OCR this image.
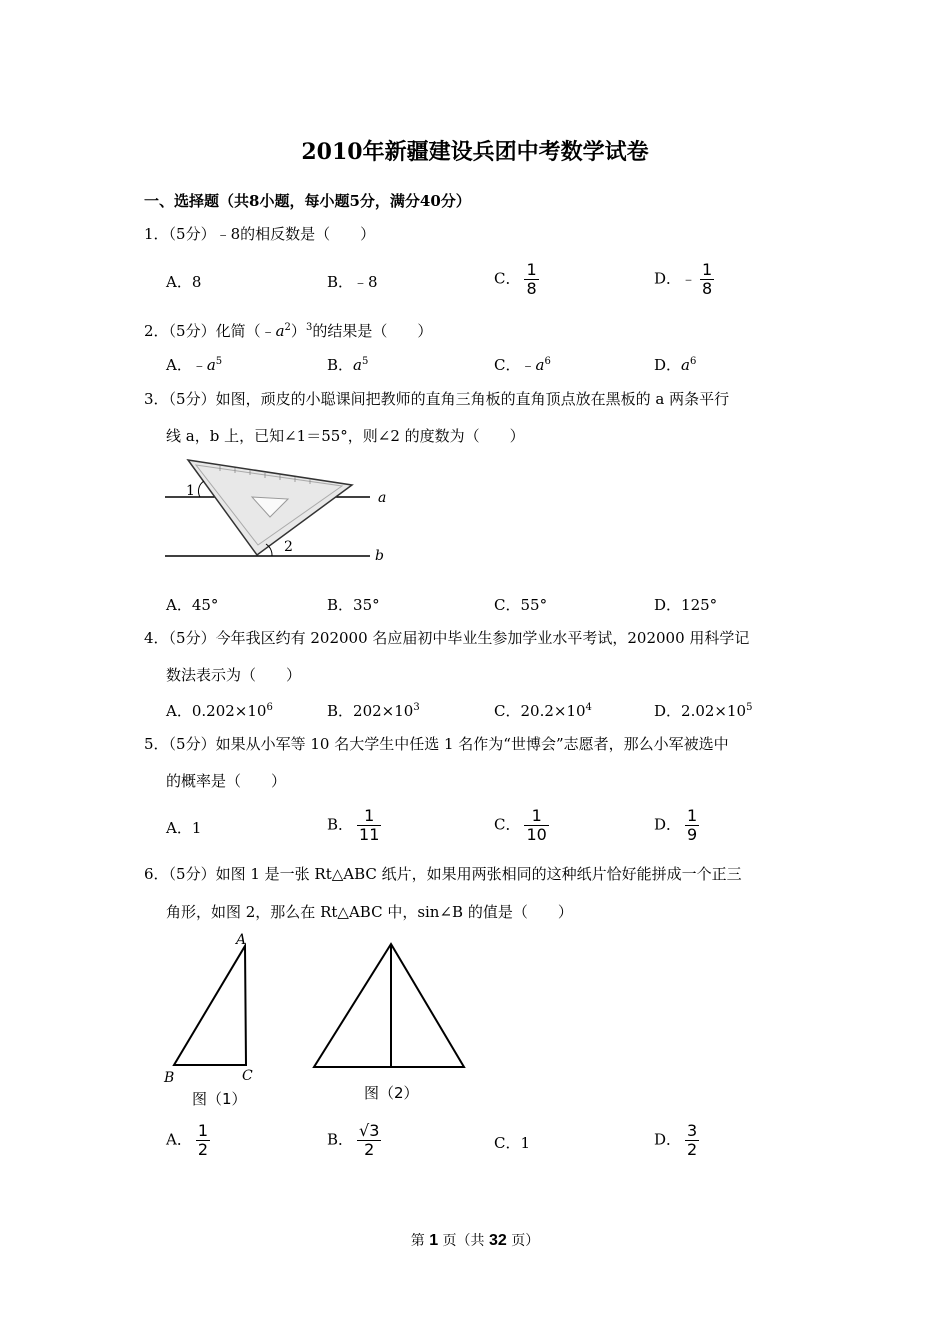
2010年新疆建设兵团中考数学试卷
一、选择题（共8小题，每小题5分，满分40分）
1．（5分）﹣8的相反数是（　　）
A．8	B．﹣8	C． $\frac{1}{8}$	D．﹣ $\frac{1}{8}$
2．（5分）化简$(﹣a^2)^3$的结果是（　　）
A．$﹣a^5$	B．$a^5$	C．$﹣a^6$	D．$a^6$
3．（5分）如图，顽皮的小聪课间把教师的直角三角板的直角顶点放在黑板的 a 两条平行
线 a，b 上，已知∠1＝55°，则∠2 的度数为（　　）
1
2
a
b
A．45°	B．35°	C．55°	D．125°
4．（5分）今年我区约有 202000 名应届初中毕业生参加学业水平考试，202000 用科学记
数法表示为（　　）
A．$0.202\times 10^6$	B．$202\times 10^3$	C．$20.2\times 10^4$	D．$2.02\times 10^5$
5．（5分）如果从小军等 10 名大学生中任选 1 名作为“世博会”志愿者，那么小军被选中
的概率是（　　）
A．1	B． $\frac{1}{11}$	C． $\frac{1}{10}$	D． $\frac{1}{9}$
6．（5分）如图 1 是一张 Rt△ABC 纸片，如果用两张相同的这种纸片恰好能拼成一个正三
角形，如图 2，那么在 Rt△ABC 中，sin∠B 的值是（　　）
A
B	C
图（1）	图（2）
A． $\frac{1}{2}$	B． $\frac{√3}{2}$	C．1	D． $\frac{3}{2}$
第 1 页（共 32 页）
